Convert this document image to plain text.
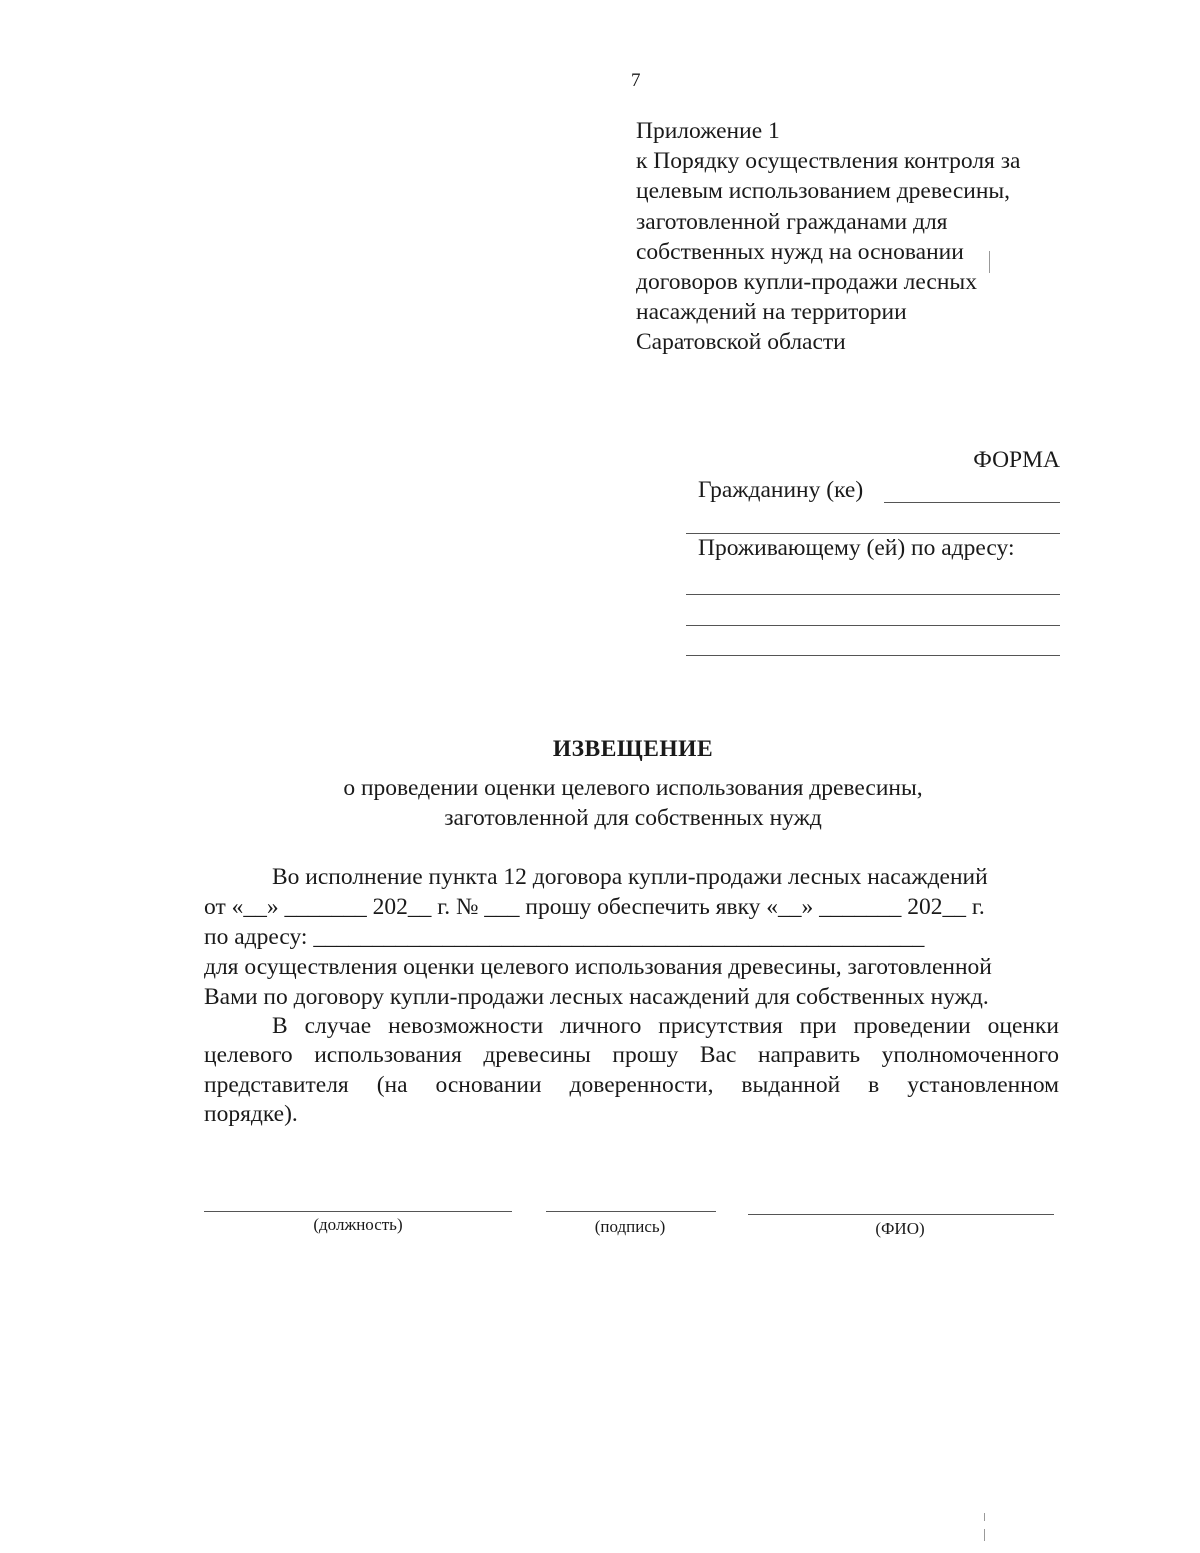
7
Приложение 1
к Порядку осуществления контроля за
целевым использованием древесины,
заготовленной гражданами для
собственных нужд на основании
договоров купли-продажи лесных
насаждений на территории
Саратовской области
ФОРМА
Гражданину (ке)
Проживающему (ей) по адресу:
ИЗВЕЩЕНИЕ
о проведении оценки целевого использования древесины,
заготовленной для собственных нужд
Во исполнение пункта 12 договора купли-продажи лесных насаждений
от «__» _______ 202__ г. № ___ прошу обеспечить явку «__» _______ 202__ г.
по адресу: ____________________________________________________
для осуществления оценки целевого использования древесины, заготовленной
Вами по договору купли-продажи лесных насаждений для собственных нужд.
В случае невозможности личного присутствия при проведении оценки
целевого использования древесины прошу Вас направить уполномоченного
представителя (на основании доверенности, выданной в установленном
порядке).
(должность)	(подпись)	(ФИО)
